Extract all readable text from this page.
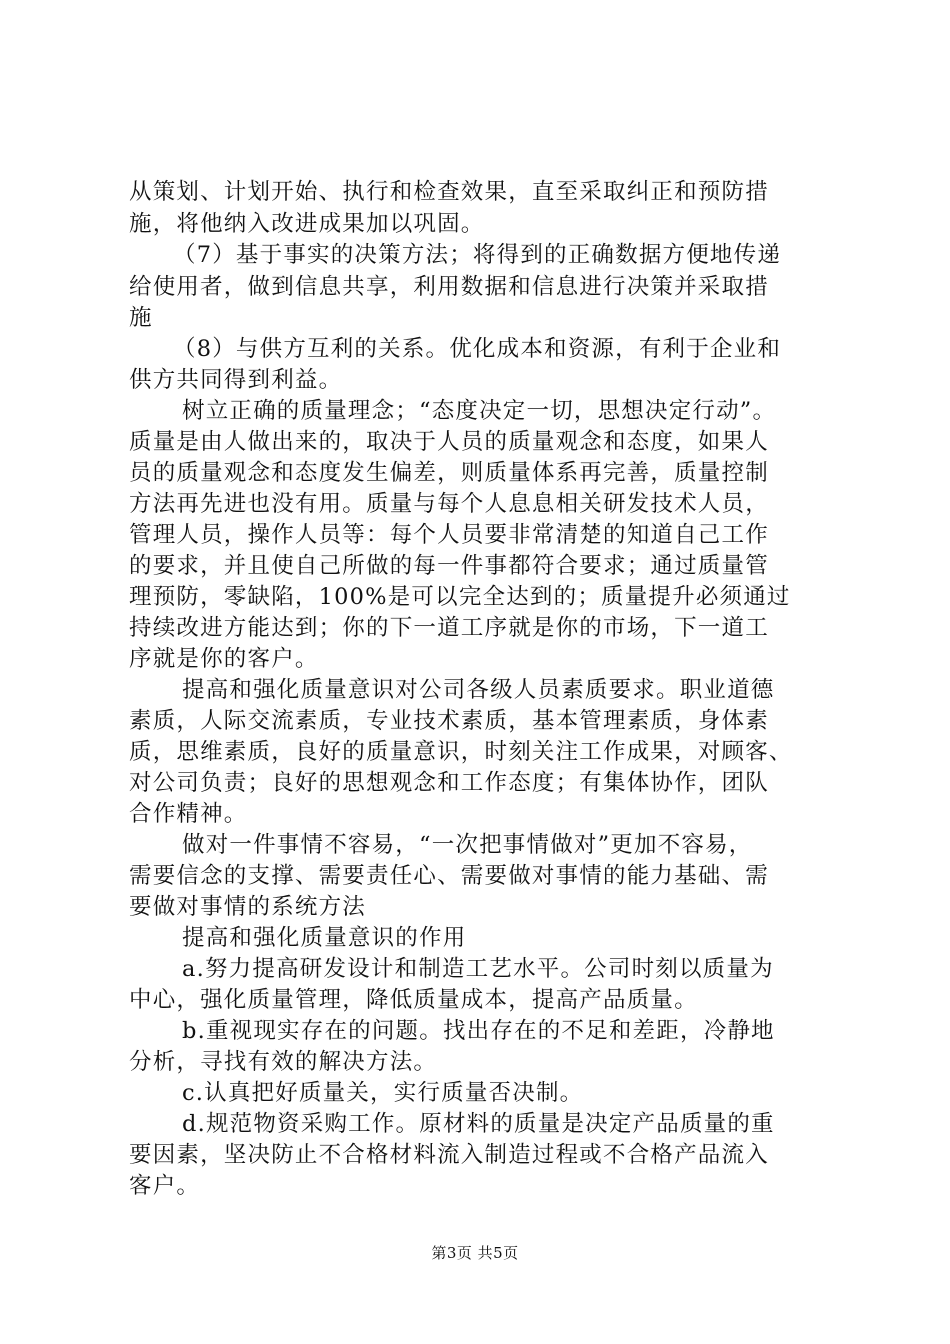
从策划、计划开始、执行和检查效果，直至采取纠正和预防措
施，将他纳入改进成果加以巩固。
（7）基于事实的决策方法；将得到的正确数据方便地传递
给使用者，做到信息共享，利用数据和信息进行决策并采取措
施
（8）与供方互利的关系。优化成本和资源，有利于企业和
供方共同得到利益。
树立正确的质量理念；“态度决定一切，思想决定行动”。
质量是由人做出来的，取决于人员的质量观念和态度，如果人
员的质量观念和态度发生偏差，则质量体系再完善，质量控制
方法再先进也没有用。质量与每个人息息相关研发技术人员，
管理人员，操作人员等：每个人员要非常清楚的知道自己工作
的要求，并且使自己所做的每一件事都符合要求；通过质量管
理预防，零缺陷，100%是可以完全达到的；质量提升必须通过
持续改进方能达到；你的下一道工序就是你的市场，下一道工
序就是你的客户。
提高和强化质量意识对公司各级人员素质要求。职业道德
素质，人际交流素质，专业技术素质，基本管理素质，身体素
质，思维素质，良好的质量意识，时刻关注工作成果，对顾客、
对公司负责；良好的思想观念和工作态度；有集体协作，团队
合作精神。
做对一件事情不容易，“一次把事情做对”更加不容易，
需要信念的支撑、需要责任心、需要做对事情的能力基础、需
要做对事情的系统方法
提高和强化质量意识的作用
a.努力提高研发设计和制造工艺水平。公司时刻以质量为
中心，强化质量管理，降低质量成本，提高产品质量。
b.重视现实存在的问题。找出存在的不足和差距，冷静地
分析，寻找有效的解决方法。
c.认真把好质量关，实行质量否决制。
d.规范物资采购工作。原材料的质量是决定产品质量的重
要因素，坚决防止不合格材料流入制造过程或不合格产品流入
客户。
第3页 共5页
